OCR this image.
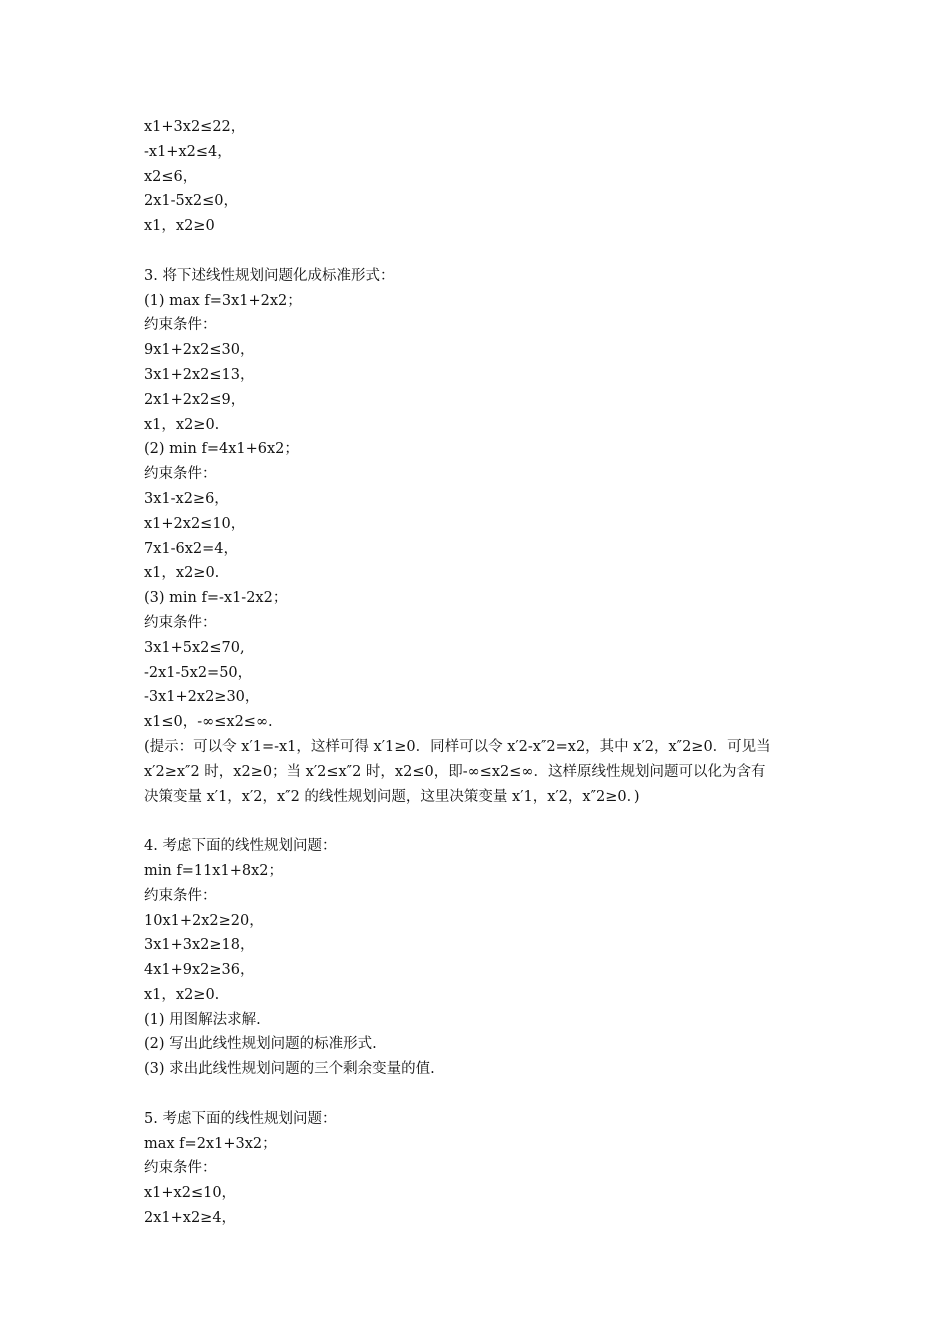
x1+3x2≤22，
-x1+x2≤4，
x2≤6，
2x1-5x2≤0，
x1，x2≥0
3. 将下述线性规划问题化成标准形式：
(1) max f=3x1+2x2；
约束条件：
9x1+2x2≤30，
3x1+2x2≤13，
2x1+2x2≤9，
x1，x2≥0.
(2) min f=4x1+6x2；
约束条件：
3x1-x2≥6，
x1+2x2≤10，
7x1-6x2=4，
x1，x2≥0.
(3) min f=-x1-2x2；
约束条件：
3x1+5x2≤70,
-2x1-5x2=50，
-3x1+2x2≥30，
x1≤0，-∞≤x2≤∞.
(提示：可以令 x′1=-x1，这样可得 x′1≥0．同样可以令 x′2-x″2=x2，其中 x′2，x″2≥0．可见当
x′2≥x″2 时，x2≥0；当 x′2≤x″2 时，x2≤0，即-∞≤x2≤∞．这样原线性规划问题可以化为含有
决策变量 x′1，x′2，x″2 的线性规划问题，这里决策变量 x′1，x′2，x″2≥0．)
4. 考虑下面的线性规划问题：
min f=11x1+8x2；
约束条件：
10x1+2x2≥20，
3x1+3x2≥18，
4x1+9x2≥36，
x1，x2≥0.
(1) 用图解法求解.
(2) 写出此线性规划问题的标准形式.
(3) 求出此线性规划问题的三个剩余变量的值.
5. 考虑下面的线性规划问题：
max f=2x1+3x2；
约束条件：
x1+x2≤10，
2x1+x2≥4，
